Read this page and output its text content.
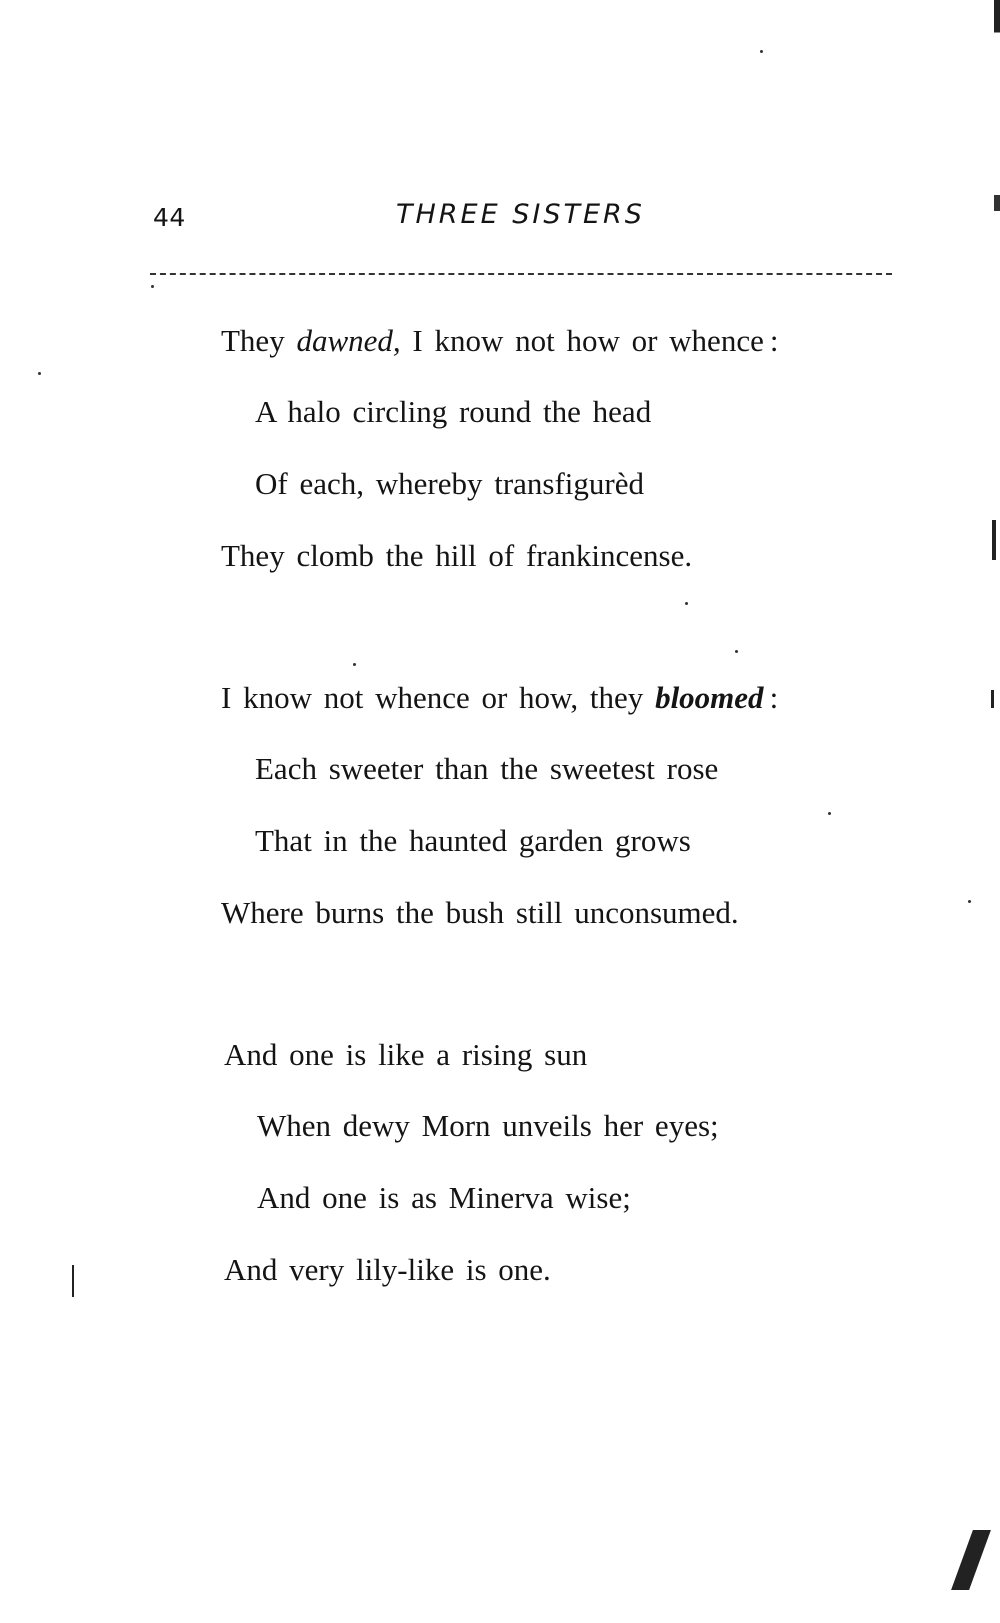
44	THREE SISTERS
They dawned, I know not how or whence :
A halo circling round the head
Of each, whereby transfigurèd
They clomb the hill of frankincense.
I know not whence or how, they bloomed :
Each sweeter than the sweetest rose
That in the haunted garden grows
Where burns the bush still unconsumed.
And one is like a rising sun
When dewy Morn unveils her eyes;
And one is as Minerva wise;
And very lily-like is one.
